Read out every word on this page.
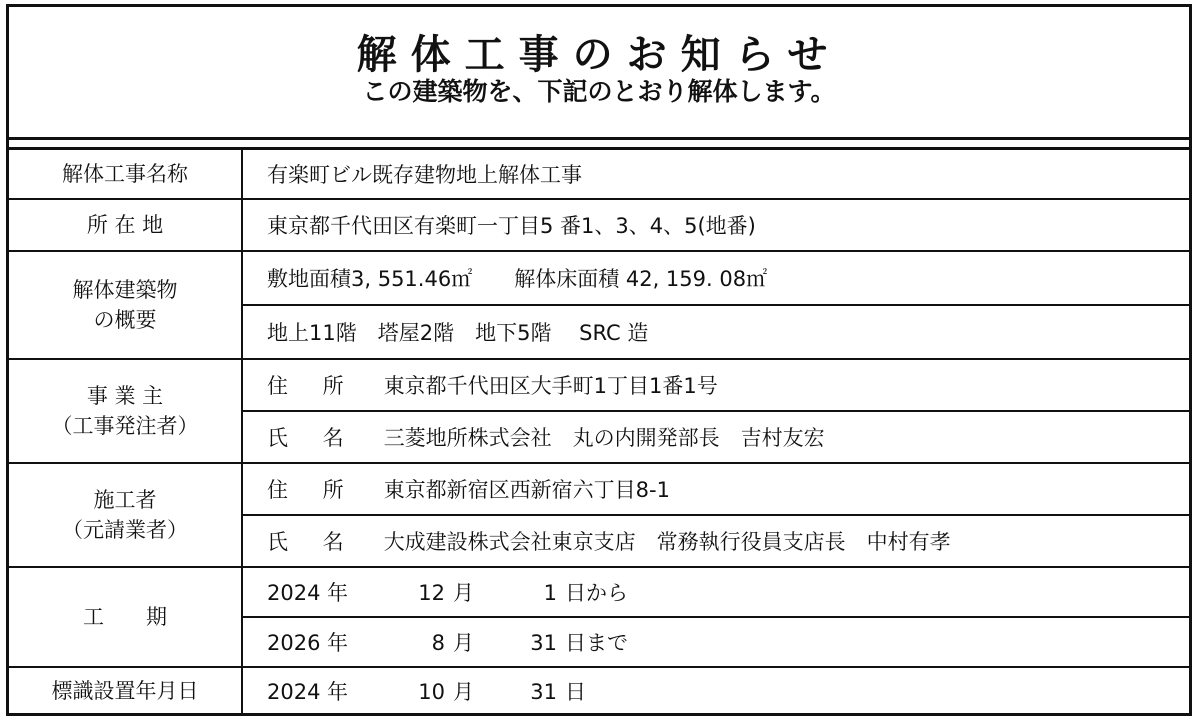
解体工事のお知らせ
この建築物を、下記のとおり解体します。
解体工事名称	有楽町ビル既存建物地上解体工事
所 在 地	東京都千代田区有楽町一丁目5 番1、3、4、5(地番)

解体建築物
の概要	敷地面積3, 551.46㎡　　解体床面積 42, 159. 08㎡
	地上11階　塔屋2階　地下5階　 SRC 造

事 業 主
（工事発注者）	住 所 東京都千代田区大手町1丁目1番1号
	氏 名 三菱地所株式会社　丸の内開発部長　吉村友宏

施工者
（元請業者）	住 所 東京都新宿区西新宿六丁目8-1
	氏 名 大成建設株式会社東京支店　常務執行役員支店長　中村有孝
工　　期	2024 年 12 月 1 日から
	2026 年 8 月 31 日まで
標識設置年月日	2024 年 10 月 31 日
